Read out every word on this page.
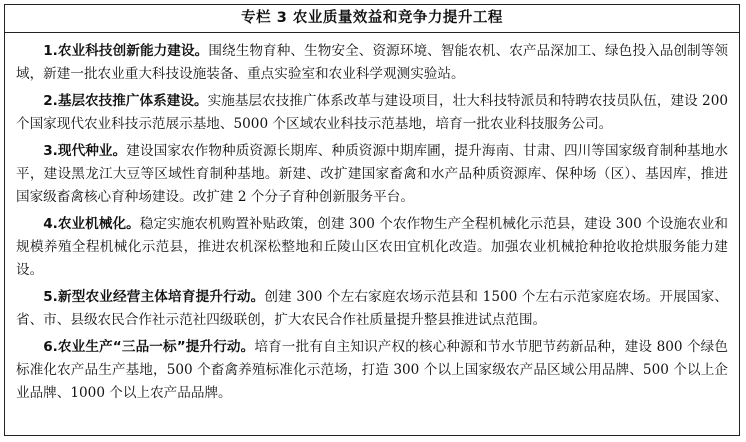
专栏 3 农业质量效益和竞争力提升工程

1.农业科技创新能力建设。围绕生物育种、生物安全、资源环境、智能农机、农产品深加工、绿色投入品创制等领域，新建一批农业重大科技设施装备、重点实验室和农业科学观测实验站。

2.基层农技推广体系建设。实施基层农技推广体系改革与建设项目，壮大科技特派员和特聘农技员队伍，建设 200 个国家现代农业科技示范展示基地、5000 个区域农业科技示范基地，培育一批农业科技服务公司。

3.现代种业。建设国家农作物种质资源长期库、种质资源中期库圃，提升海南、甘肃、四川等国家级育制种基地水平，建设黑龙江大豆等区域性育制种基地。新建、改扩建国家畜禽和水产品种质资源库、保种场（区）、基因库，推进国家级畜禽核心育种场建设。改扩建 2 个分子育种创新服务平台。

4.农业机械化。稳定实施农机购置补贴政策，创建 300 个农作物生产全程机械化示范县，建设 300 个设施农业和规模养殖全程机械化示范县，推进农机深松整地和丘陵山区农田宜机化改造。加强农业机械抢种抢收抢烘服务能力建设。

5.新型农业经营主体培育提升行动。创建 300 个左右家庭农场示范县和 1500 个左右示范家庭农场。开展国家、省、市、县级农民合作社示范社四级联创，扩大农民合作社质量提升整县推进试点范围。

6.农业生产“三品一标”提升行动。培育一批有自主知识产权的核心种源和节水节肥节药新品种，建设 800 个绿色标准化农产品生产基地，500 个畜禽养殖标准化示范场，打造 300 个以上国家级农产品区域公用品牌、500 个以上企业品牌、1000 个以上农产品品牌。
